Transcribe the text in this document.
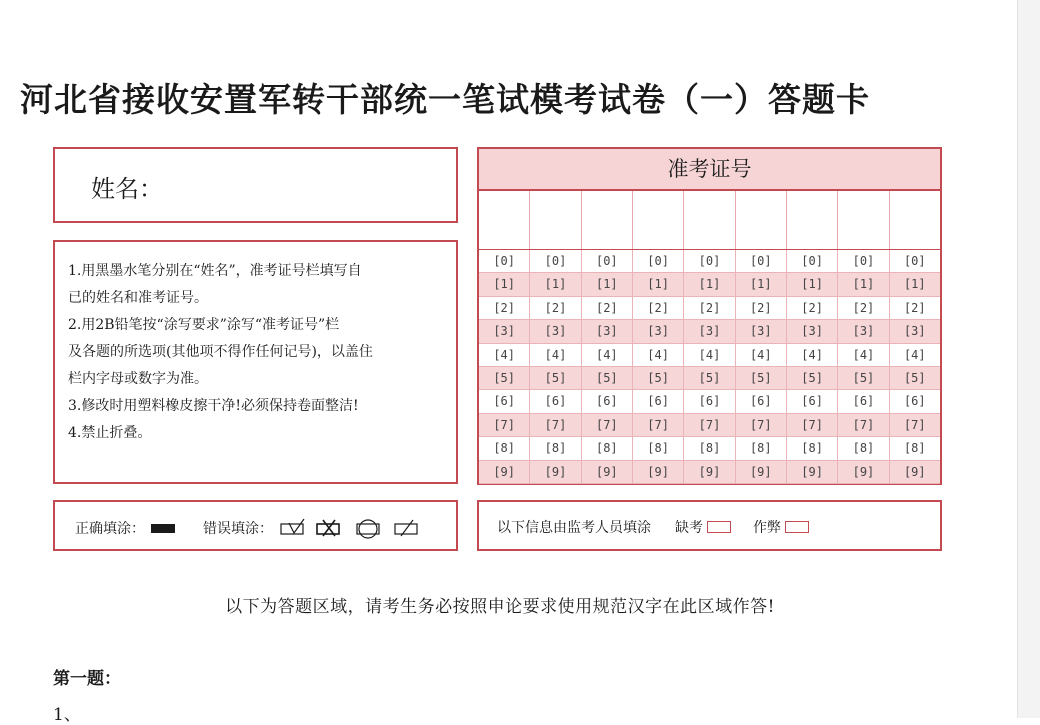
河北省接收安置军转干部统一笔试模考试卷（一）答题卡
姓名：

1.用黑墨水笔分别在“姓名”，准考证号栏填写自

已的姓名和准考证号。

2.用2B铅笔按“涂写要求”涂写“准考证号”栏

及各题的所选项(其他项不得作任何记号)，以盖住

栏内字母或数字为准。

3.修改时用塑料橡皮擦干净!必须保持卷面整洁!

4.禁止折叠。

准考证号
[0]	[0]	[0]	[0]	[0]	[0]	[0]	[0]	[0]
[1]	[1]	[1]	[1]	[1]	[1]	[1]	[1]	[1]
[2]	[2]	[2]	[2]	[2]	[2]	[2]	[2]	[2]
[3]	[3]	[3]	[3]	[3]	[3]	[3]	[3]	[3]
[4]	[4]	[4]	[4]	[4]	[4]	[4]	[4]	[4]
[5]	[5]	[5]	[5]	[5]	[5]	[5]	[5]	[5]
[6]	[6]	[6]	[6]	[6]	[6]	[6]	[6]	[6]
[7]	[7]	[7]	[7]	[7]	[7]	[7]	[7]	[7]
[8]	[8]	[8]	[8]	[8]	[8]	[8]	[8]	[8]
[9]	[9]	[9]	[9]	[9]	[9]	[9]	[9]	[9]
正确填涂：	错误填涂：	以下信息由监考人员填涂 缺考	作弊
以下为答题区域，请考生务必按照申论要求使用规范汉字在此区域作答!
第一题：
1、
